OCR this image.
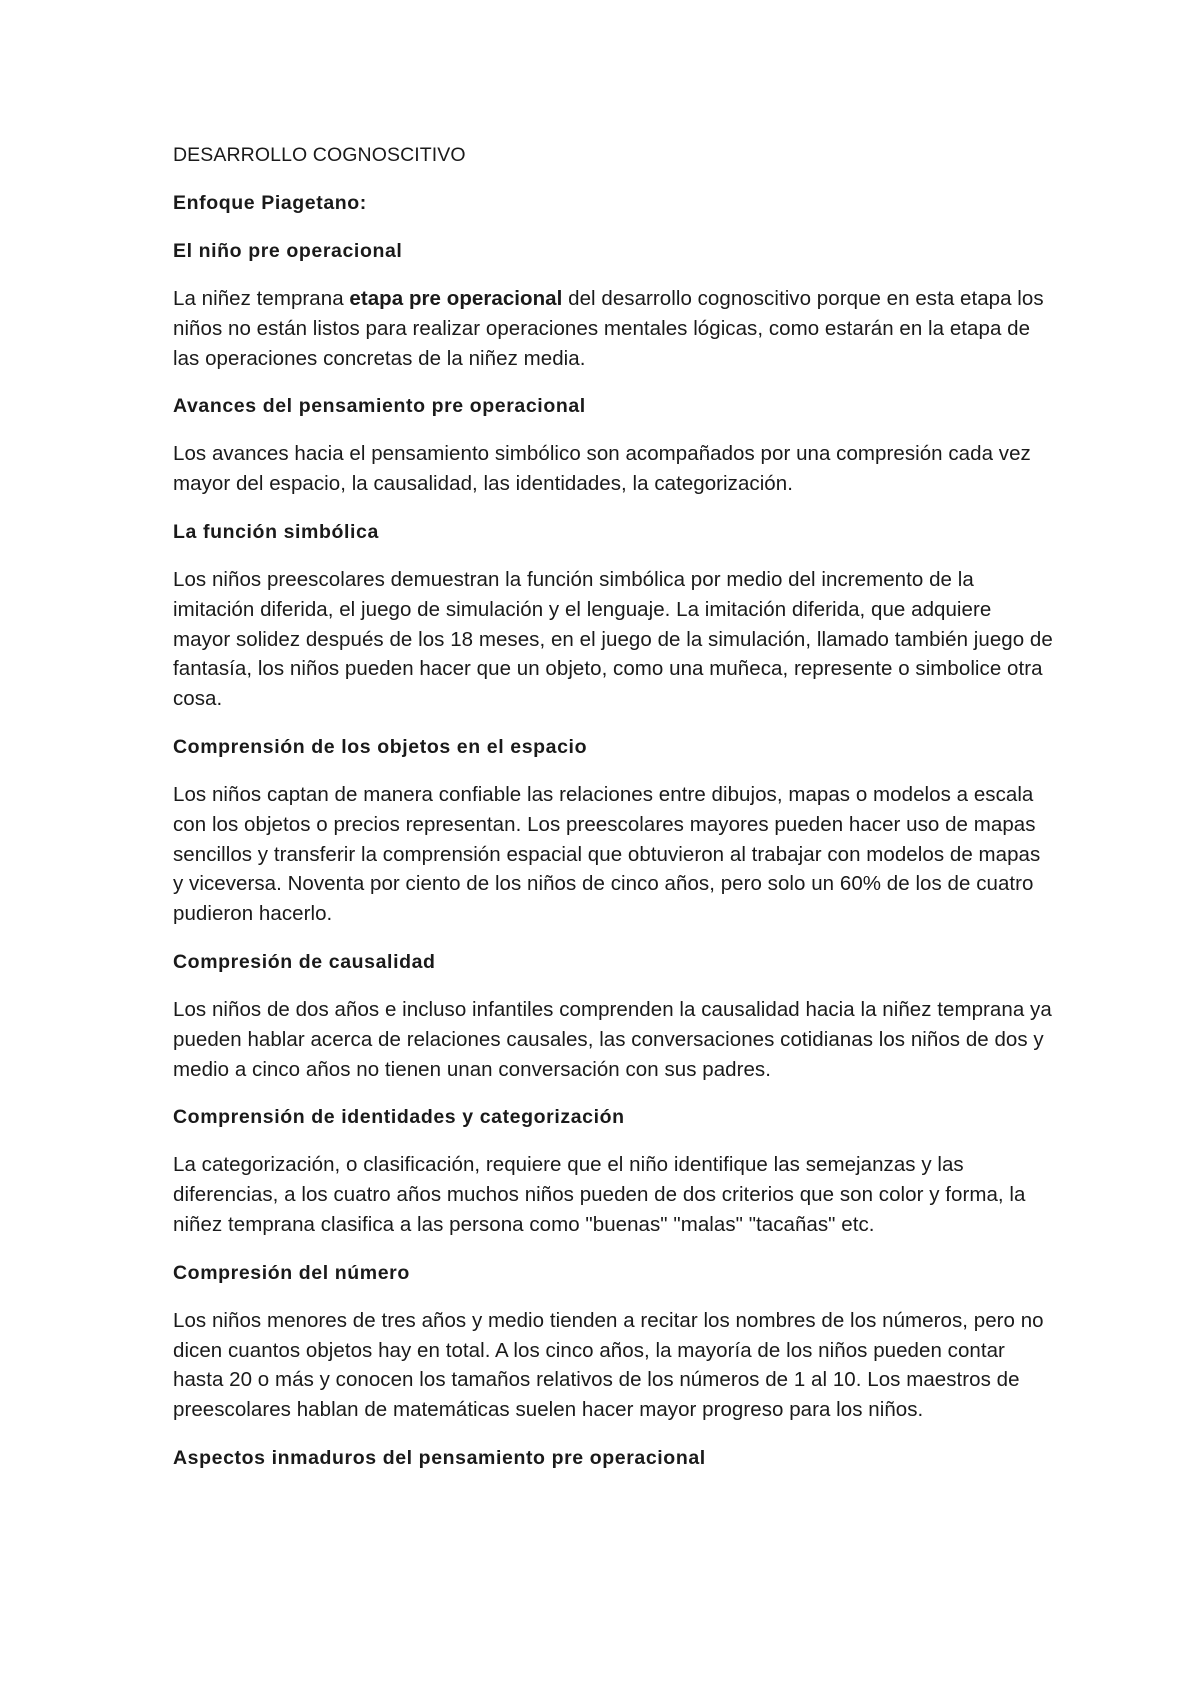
DESARROLLO COGNOSCITIVO
Enfoque Piagetano:
El niño pre operacional

La niñez temprana etapa pre operacional del desarrollo cognoscitivo porque en esta etapa los niños no están listos para realizar operaciones mentales lógicas, como estarán en la etapa de las operaciones concretas de la niñez media.

Avances del pensamiento pre operacional

Los avances hacia el pensamiento simbólico son acompañados por una compresión cada vez mayor del espacio, la causalidad, las identidades, la categorización.

La función simbólica

Los niños preescolares demuestran la función simbólica por medio del incremento de la imitación diferida, el juego de simulación y el lenguaje. La imitación diferida, que adquiere mayor solidez después de los 18 meses, en el juego de la simulación, llamado también juego de fantasía, los niños pueden hacer que un objeto, como una muñeca, represente o simbolice otra cosa.

Comprensión de los objetos en el espacio

Los niños captan de manera confiable las relaciones entre dibujos, mapas o modelos a escala con los objetos o precios representan. Los preescolares mayores pueden hacer uso de mapas sencillos y transferir la comprensión espacial que obtuvieron al trabajar con modelos de mapas y viceversa. Noventa por ciento de los niños de cinco años, pero solo un 60% de los de cuatro pudieron hacerlo.

Compresión de causalidad

Los niños de dos años e incluso infantiles comprenden la causalidad hacia la niñez temprana ya pueden hablar acerca de relaciones causales, las conversaciones cotidianas los niños de dos y medio a cinco años no tienen unan conversación con sus padres.

Comprensión de identidades y categorización

La categorización, o clasificación, requiere que el niño identifique las semejanzas y las diferencias, a los cuatro años muchos niños pueden de dos criterios que son color y forma, la niñez temprana clasifica a las persona como "buenas" "malas" "tacañas" etc.

Compresión del número

Los niños menores de tres años y medio tienden a recitar los nombres de los números, pero no dicen cuantos objetos hay en total. A los cinco años, la mayoría de los niños pueden contar hasta 20 o más y conocen los tamaños relativos de los números de 1 al 10. Los maestros de preescolares hablan de matemáticas suelen hacer mayor progreso para los niños.

Aspectos inmaduros del pensamiento pre operacional
